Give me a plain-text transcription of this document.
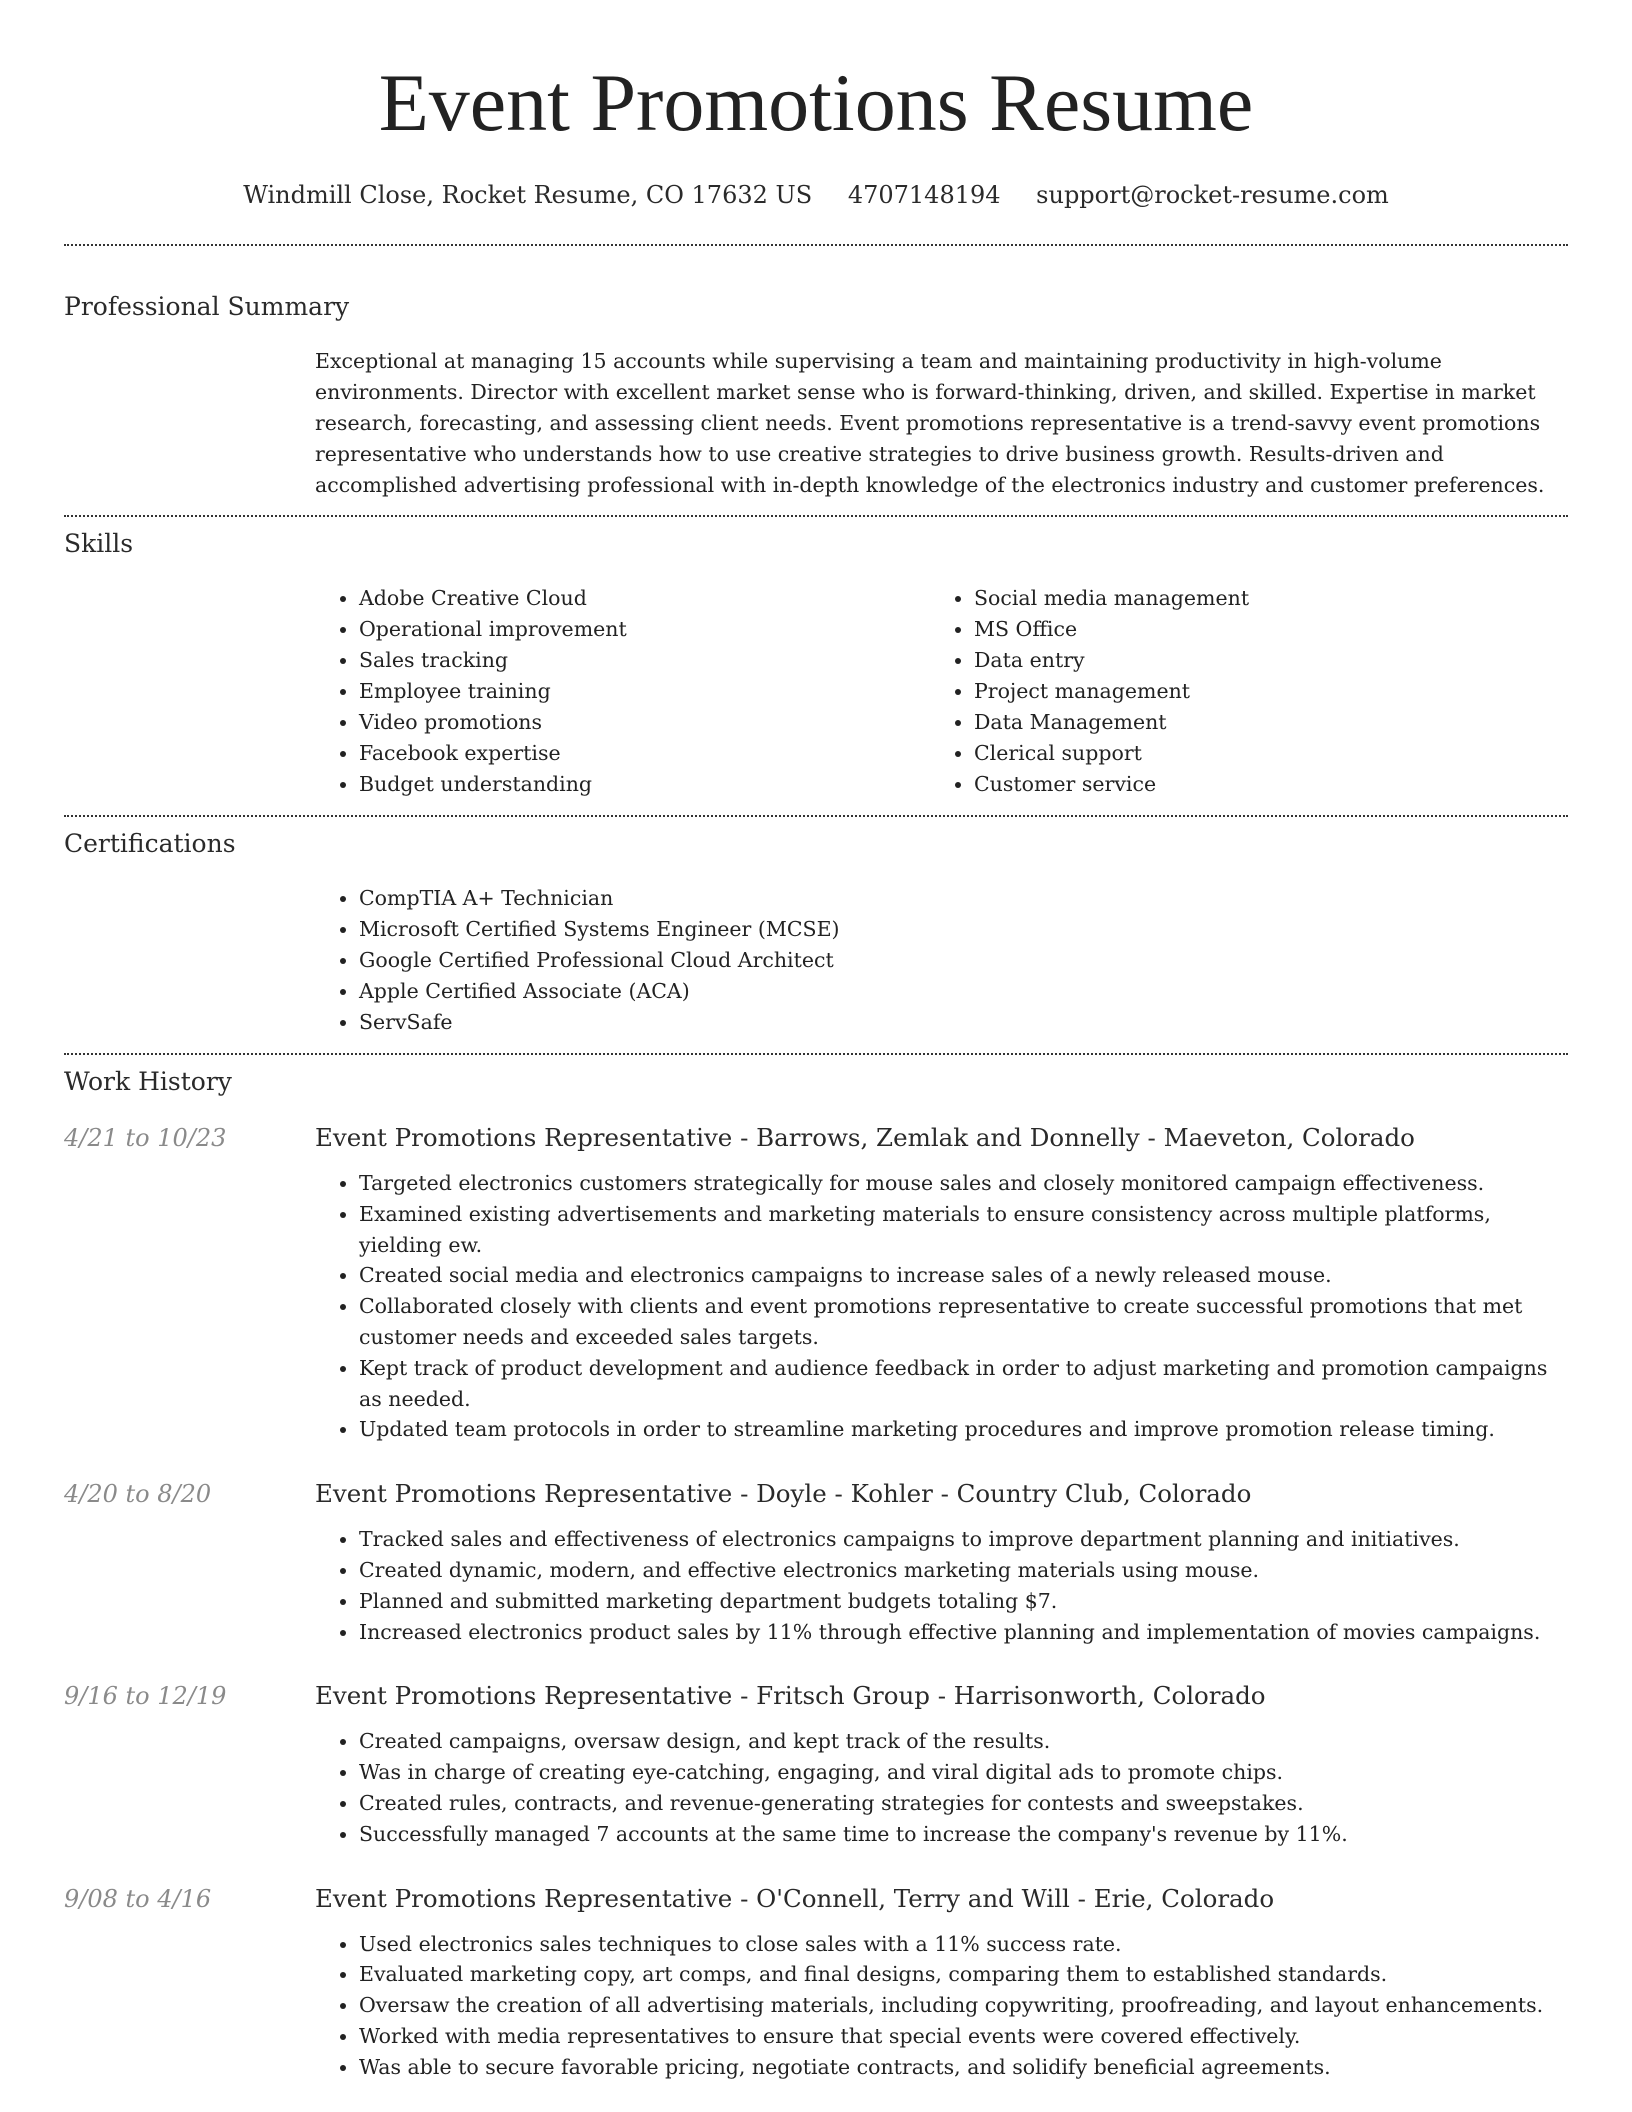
Event Promotions Resume
Windmill Close, Rocket Resume, CO 17632 US 4707148194 support@rocket-resume.com
Professional Summary

Exceptional at managing 15 accounts while supervising a team and maintaining productivity in high-volume environments. Director with excellent market sense who is forward-thinking, driven, and skilled. Expertise in market research, forecasting, and assessing client needs. Event promotions representative is a trend-savvy event promotions representative who understands how to use creative strategies to drive business growth. Results-driven and accomplished advertising professional with in-depth knowledge of the electronics industry and customer preferences.

Skills
• Adobe Creative Cloud
• Operational improvement
• Sales tracking
• Employee training
• Video promotions
• Facebook expertise
• Budget understanding
• Social media management
• MS Office
• Data entry
• Project management
• Data Management
• Clerical support
• Customer service
Certifications
• CompTIA A+ Technician
• Microsoft Certified Systems Engineer (MCSE)
• Google Certified Professional Cloud Architect
• Apple Certified Associate (ACA)
• ServSafe
Work History
4/21 to 10/23	Event Promotions Representative - Barrows, Zemlak and Donnelly - Maeveton, Colorado
• Targeted electronics customers strategically for mouse sales and closely monitored campaign effectiveness.
• Examined existing advertisements and marketing materials to ensure consistency across multiple platforms, yielding ew.
• Created social media and electronics campaigns to increase sales of a newly released mouse.
• Collaborated closely with clients and event promotions representative to create successful promotions that met customer needs and exceeded sales targets.
• Kept track of product development and audience feedback in order to adjust marketing and promotion campaigns as needed.
• Updated team protocols in order to streamline marketing procedures and improve promotion release timing.
4/20 to 8/20	Event Promotions Representative - Doyle - Kohler - Country Club, Colorado
• Tracked sales and effectiveness of electronics campaigns to improve department planning and initiatives.
• Created dynamic, modern, and effective electronics marketing materials using mouse.
• Planned and submitted marketing department budgets totaling $7.
• Increased electronics product sales by 11% through effective planning and implementation of movies campaigns.
9/16 to 12/19	Event Promotions Representative - Fritsch Group - Harrisonworth, Colorado
• Created campaigns, oversaw design, and kept track of the results.
• Was in charge of creating eye-catching, engaging, and viral digital ads to promote chips.
• Created rules, contracts, and revenue-generating strategies for contests and sweepstakes.
• Successfully managed 7 accounts at the same time to increase the company's revenue by 11%.
9/08 to 4/16	Event Promotions Representative - O'Connell, Terry and Will - Erie, Colorado
• Used electronics sales techniques to close sales with a 11% success rate.
• Evaluated marketing copy, art comps, and final designs, comparing them to established standards.
• Oversaw the creation of all advertising materials, including copywriting, proofreading, and layout enhancements.
• Worked with media representatives to ensure that special events were covered effectively.
• Was able to secure favorable pricing, negotiate contracts, and solidify beneficial agreements.
